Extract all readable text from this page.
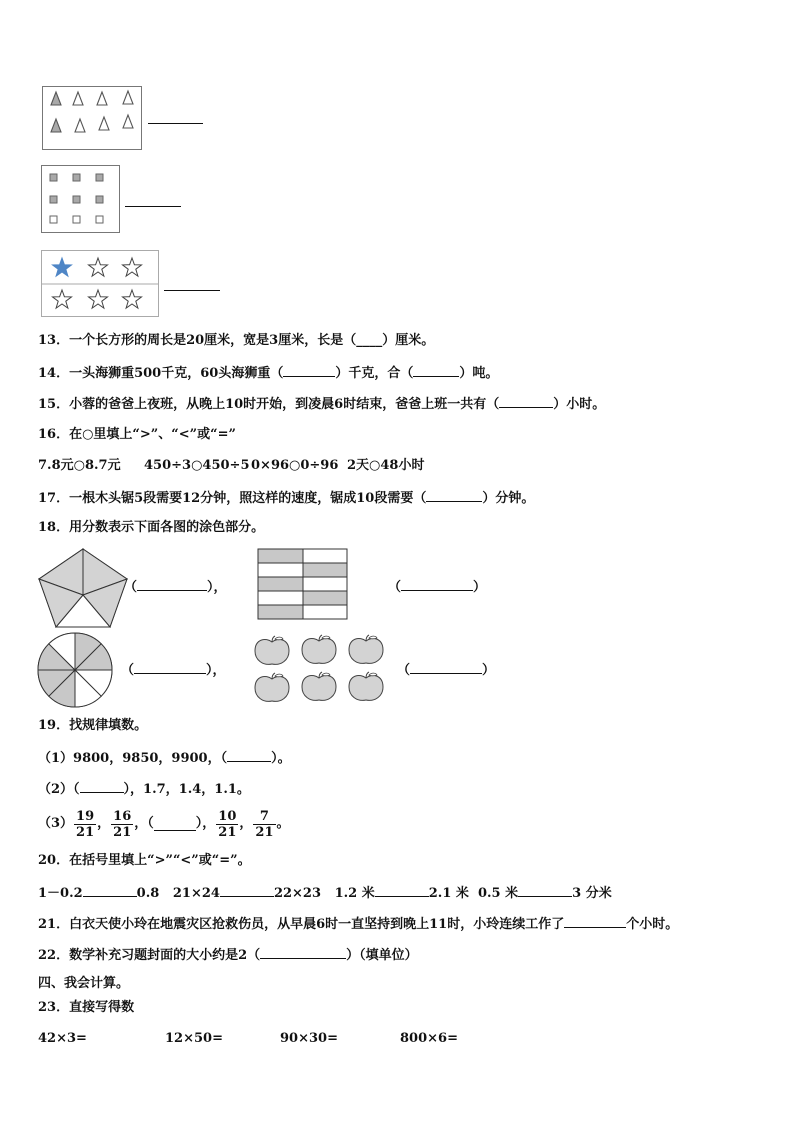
13．一个长方形的周长是20厘米，宽是3厘米，长是（____）厘米。
14．一头海狮重500千克，60头海狮重（	）千克，合（	）吨。
15．小蓉的爸爸上夜班，从晚上10时开始，到凌晨6时结束，爸爸上班一共有（	）小时。
16．在○里填上“>”、“<”或“=”
7.8元○8.7元 450÷3○450÷5 0×96○0÷96 2天○48小时
17．一根木头锯5段需要12分钟，照这样的速度，锯成10段需要（	）分钟。
18．用分数表示下面各图的涂色部分。
（	），	（	）
（	），	（	）
19．找规律填数。
（1）9800，9850，9900，（	）。
（2）（	），1.7，1.4，1.1。
$(3) \frac{19}{21}$ ， $\frac{16}{21}$ ，（	）， $\frac{10}{21}$ ， $\frac{7}{21}$ 。
20．在括号里填上“>”“<”或“=”。
1－0.2	0.8 21×24	22×23 1.2 米	2.1 米 0.5 米	3 分米
21．白衣天使小玲在地震灾区抢救伤员，从早晨6时一直坚持到晚上11时，小玲连续工作了	个小时。
22．数学补充习题封面的大小约是2（	）（填单位）
四、我会计算。
23．直接写得数
42×3=	12×50=	90×30=	800×6=
